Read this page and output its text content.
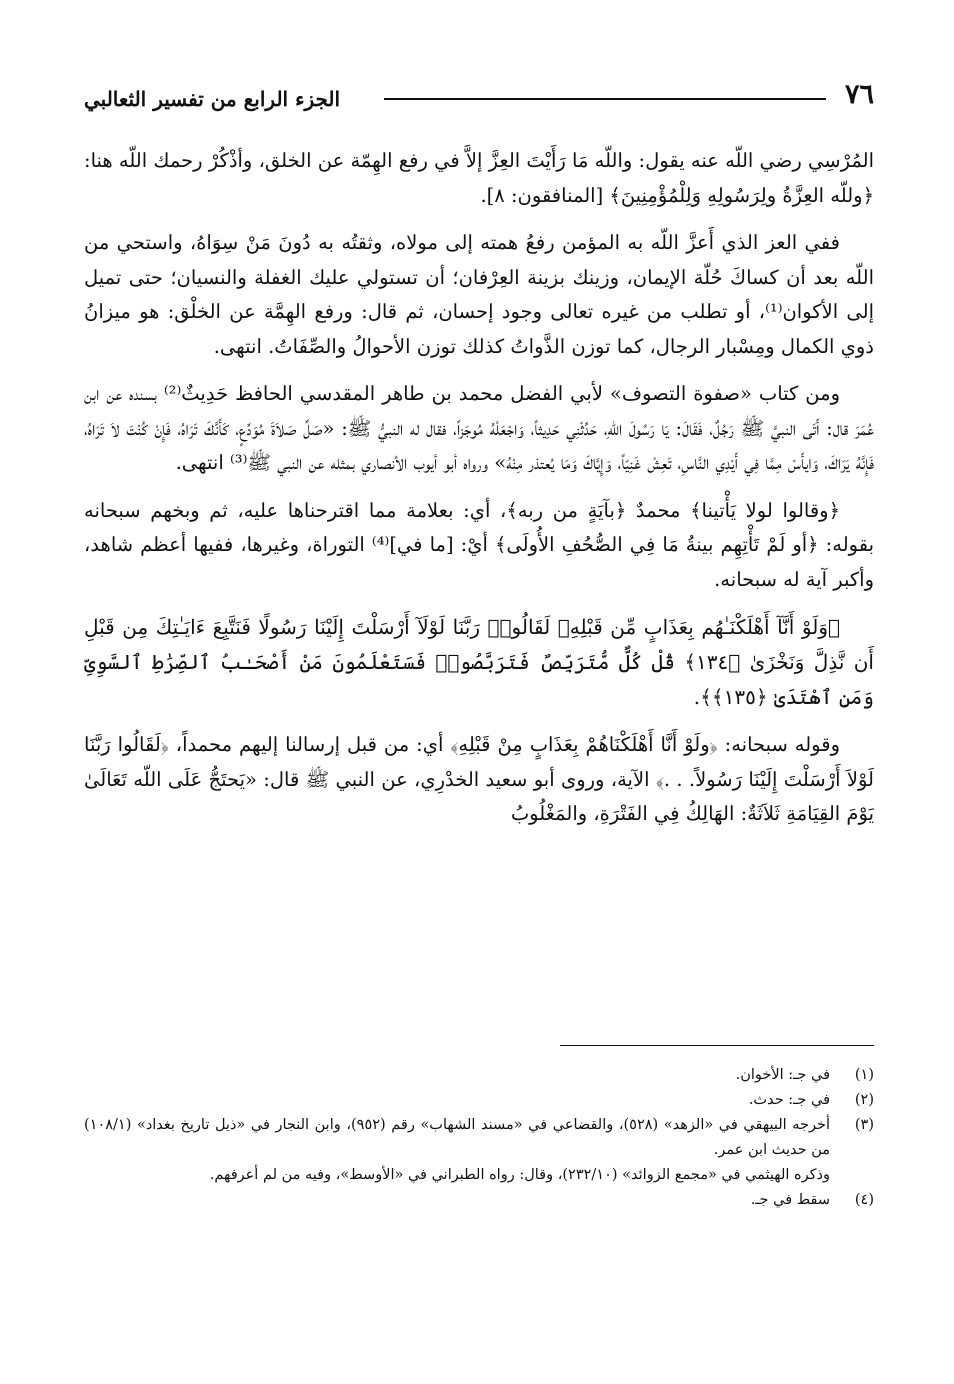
٧٦
الجزء الرابع من تفسير الثعالبي

المُرْسِي رضي اللّه عنه يقول: واللّه مَا رَأَيْتَ العِزَّ إلاَّ في رفع الهِمّة عن الخلق، وأذْكُرْ رحمك اللّه هنا: ﴿وللّه العِزَّةُ ولِرَسُولِهِ وَلِلْمُؤْمِنِينَ﴾ [المنافقون: ٨].

ففي العز الذي أَعزَّ اللّه به المؤمن رفعُ همته إلى مولاه، وثقتُه به دُونَ مَنْ سِوَاهُ، واستحي من اللّه بعد أن كساكَ حُلّة الإيمان، وزينك بزينة العِرْفان؛ أن تستولي عليك الغفلة والنسيان؛ حتى تميل إلى الأكوان⁽¹⁾، أو تطلب من غيره تعالى وجود إحسان، ثم قال: ورفع الهِمَّة عن الخلْق: هو ميزانُ ذوي الكمال ومِسْبار الرجال، كما توزن الذَّواتُ كذلك توزن الأحوالُ والصِّفَاتُ. انتهى.

ومن كتاب «صفوة التصوف» لأبي الفضل محمد بن طاهر المقدسي الحافظ حَدِيثٌ⁽²⁾ بسنده عن ابن عُمَرَ قال: أَتَى النبيَّ ﷺ رَجُلٌ، فَقَالَ: يَا رَسُولَ اللّهِ، حَدِّثْنِي حَدِيثاً، وَاجْعَلْهُ مُوجَزاً، فقال له النبيُّ ﷺ: «صَلِّ صَلاَةَ مُوَدِّعٍ، كَأَنَّكَ تَرَاهُ، فَإِنْ كُنْتَ لاَ تَرَاهُ، فَإِنَّهُ يَرَاكَ، وَايأَسْ مِمَّا فِي أَيْدِي النَّاسِ، تَعِشْ غَنِيّاً، وَإِيَّاكَ وَمَا يُعتذر مِنْهُ» ورواه أبو أيوب الأنصاري بمثله عن النبي ﷺ⁽³⁾ انتهى.

﴿وقالوا لولا يَأْتينا﴾ محمدٌ ﴿بآيَةٍ من ربه﴾، أي: بعلامة مما اقترحناها عليه، ثم وبخهم سبحانه بقوله: ﴿أو لَمْ تَأْتِهِم بينةُ مَا فِي الصُّحُفِ الأُولَى﴾ أيْ: [ما في]⁽⁴⁾ التوراة، وغيرها، ففيها أعظم شاهد، وأكبر آية له سبحانه.

﴿وَلَوْ أَنَّآ أَهْلَكْنَـٰهُم بِعَذَابٍ مِّن قَبْلِهِۦ لَقَالُوا۟ رَبَّنَا لَوْلَآ أَرْسَلْتَ إِلَيْنَا رَسُولًا فَنَتَّبِعَ ءَايَـٰتِكَ مِن قَبْلِ أَن نَّذِلَّ وَنَخْزَىٰ ﴿١٣٤﴾ قُلْ كُلٌّ مُّتَرَبِّصٌ فَتَرَبَّصُوا۟ فَسَتَعْلَمُونَ مَنْ أَصْحَـٰبُ ٱلصِّرَٰطِ ٱلسَّوِىِّ وَمَنِ ٱهْتَدَىٰ ﴿١٣٥﴾﴾.

وقوله سبحانه: ﴿ولَوْ أَنَّا أَهْلَكْنَاهُمْ بِعَذَابٍ مِنْ قَبْلِهِ﴾ أي: من قبل إرسالنا إليهم محمداً، ﴿لَقَالُوا رَبَّنَا لَوْلاَ أَرْسَلْتَ إِلَيْنَا رَسُولاً. . .﴾ الآية، وروى أبو سعيد الخدْرِي، عن النبي ﷺ قال: «يَحتَجُّ عَلَى اللّه تَعَالَىٰ يَوْمَ القِيَامَةِ ثَلاَثَةٌ: الهَالِكُ فِي الفَتْرَةِ، والمَغْلُوبُ

(١)
في جـ: الأخوان.
(٢)
في جـ: حدث.
(٣)
أخرجه البيهقي في «الزهد» (٥٢٨)، والقضاعي في «مسند الشهاب» رقم (٩٥٢)، وابن النجار في «ذيل تاريخ بغداد» (١٠٨/١) من حديث ابن عمر.
وذكره الهيثمي في «مجمع الزوائد» (٢٣٢/١٠)، وقال: رواه الطبراني في «الأوسط»، وفيه من لم أعرفهم.
(٤)
سقط في جـ.
